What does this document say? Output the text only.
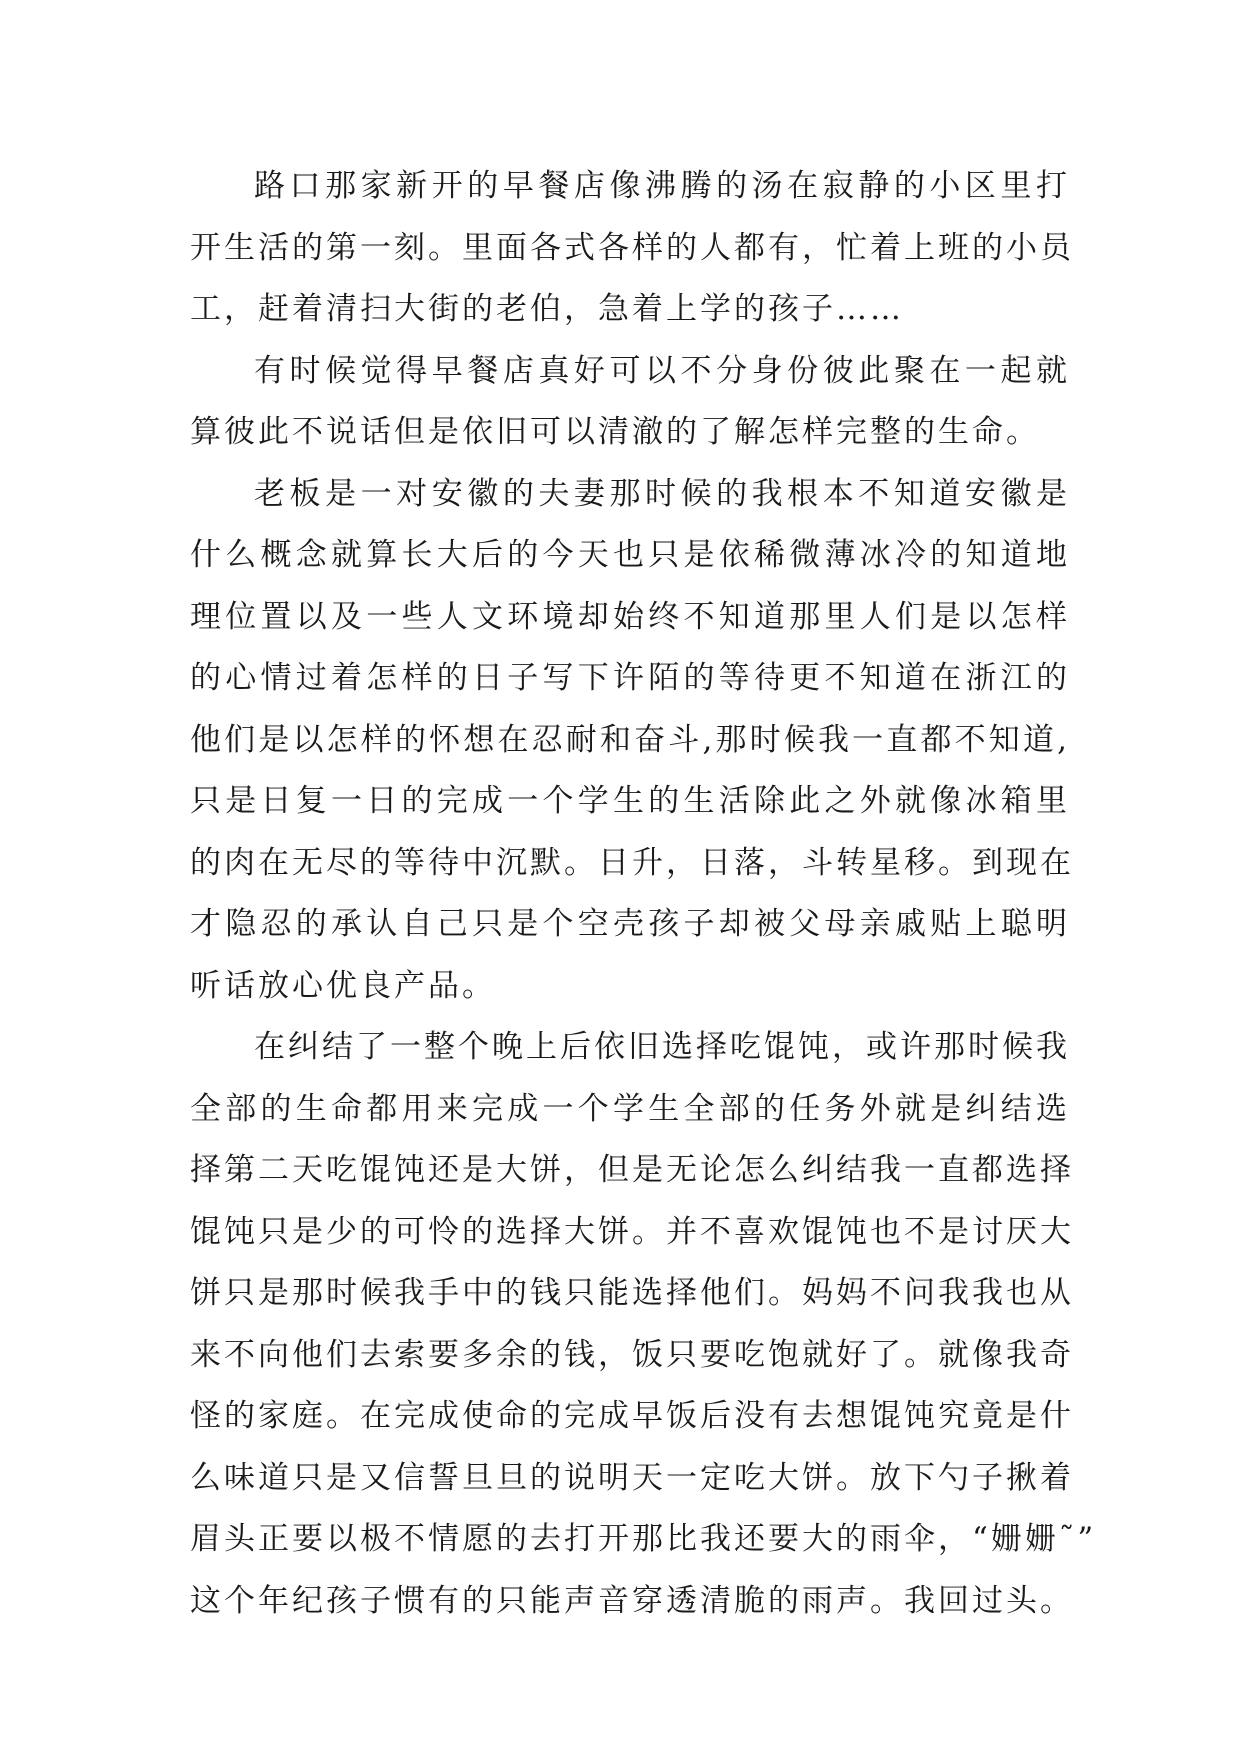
路口那家新开的早餐店像沸腾的汤在寂静的小区里打
开生活的第一刻。里面各式各样的人都有，忙着上班的小员
工，赶着清扫大街的老伯，急着上学的孩子……
有时候觉得早餐店真好可以不分身份彼此聚在一起就
算彼此不说话但是依旧可以清澈的了解怎样完整的生命。
老板是一对安徽的夫妻那时候的我根本不知道安徽是
什么概念就算长大后的今天也只是依稀微薄冰冷的知道地
理位置以及一些人文环境却始终不知道那里人们是以怎样
的心情过着怎样的日子写下许陌的等待更不知道在浙江的
他们是以怎样的怀想在忍耐和奋斗,那时候我一直都不知道,
只是日复一日的完成一个学生的生活除此之外就像冰箱里
的肉在无尽的等待中沉默。日升，日落，斗转星移。到现在
才隐忍的承认自己只是个空壳孩子却被父母亲戚贴上聪明
听话放心优良产品。
在纠结了一整个晚上后依旧选择吃馄饨，或许那时候我
全部的生命都用来完成一个学生全部的任务外就是纠结选
择第二天吃馄饨还是大饼，但是无论怎么纠结我一直都选择
馄饨只是少的可怜的选择大饼。并不喜欢馄饨也不是讨厌大
饼只是那时候我手中的钱只能选择他们。妈妈不问我我也从
来不向他们去索要多余的钱，饭只要吃饱就好了。就像我奇
怪的家庭。在完成使命的完成早饭后没有去想馄饨究竟是什
么味道只是又信誓旦旦的说明天一定吃大饼。放下勺子揪着
眉头正要以极不情愿的去打开那比我还要大的雨伞，“姗姗˜”
这个年纪孩子惯有的只能声音穿透清脆的雨声。我回过头。
